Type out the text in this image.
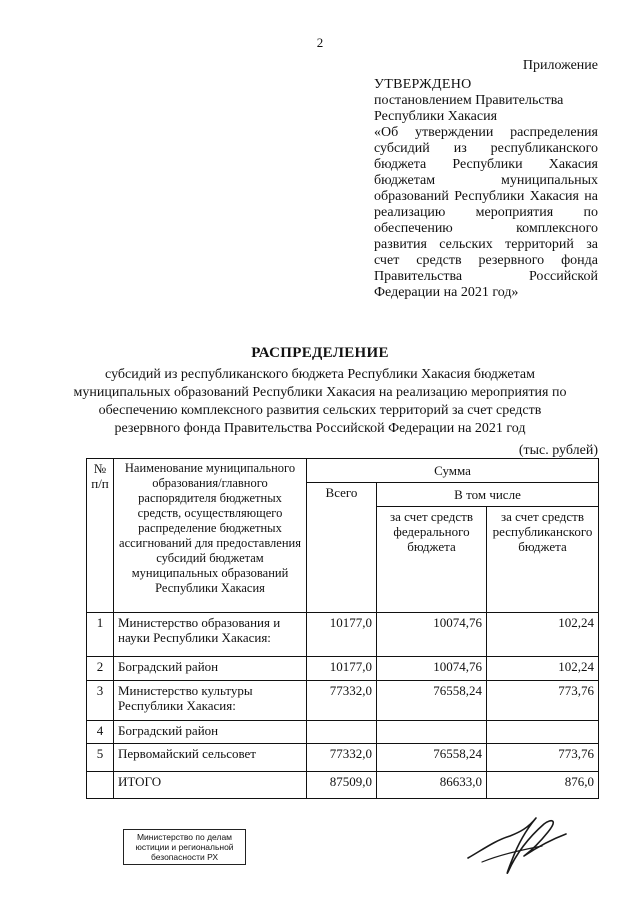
2
Приложение
УТВЕРЖДЕНО
постановлением Правительства
Республики Хакасия
«Об утверждении распределения
субсидий из республиканского
бюджета Республики Хакасия
бюджетам муниципальных
образований Республики Хакасия на
реализацию мероприятия по
обеспечению комплексного
развития сельских территорий за
счет средств резервного фонда
Правительства Российской
Федерации на 2021 год»
РАСПРЕДЕЛЕНИЕ
субсидий из республиканского бюджета Республики Хакасия бюджетам
муниципальных образований Республики Хакасия на реализацию мероприятия по
обеспечению комплексного развития сельских территорий за счет средств
резервного фонда Правительства Российской Федерации на 2021 год
(тыс. рублей)
№ п/п	Наименование муниципального образования/главного распорядителя бюджетных средств, осуществляющего распределение бюджетных ассигнований для предоставления субсидий бюджетам муниципальных образований Республики Хакасия	Сумма		
		Всего	В том числе	
			за счет средств федерального бюджета	за счет средств республиканского бюджета
1	Министерство образования и науки Республики Хакасия:	10177,0	10074,76	102,24
2	Боградский район	10177,0	10074,76	102,24
3	Министерство культуры Республики Хакасия:	77332,0	76558,24	773,76
4	Боградский район			
5	Первомайский сельсовет	77332,0	76558,24	773,76
	ИТОГО	87509,0	86633,0	876,0
Министерство по делам
юстиции и региональной
безопасности РХ
